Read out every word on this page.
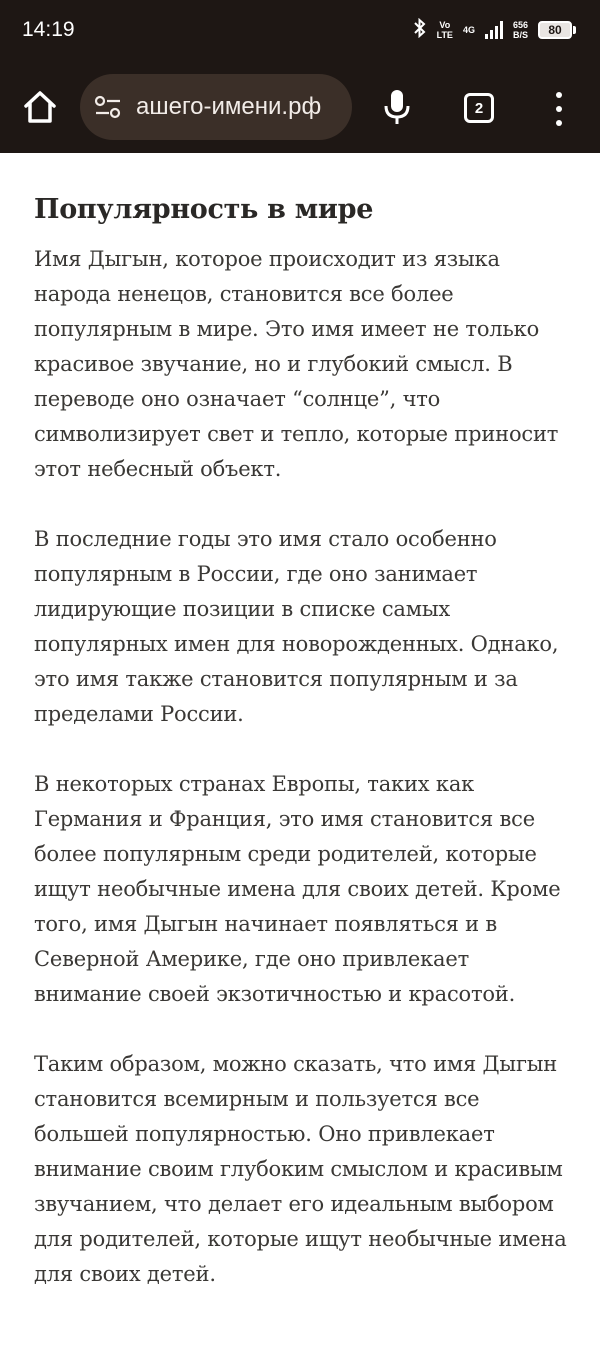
14:19	Vo
LTE 4G	656
B/S	80
ашего-имени.рф	2
Популярность в мире

Имя Дыгын, которое происходит из языка народа ненецов, становится все более популярным в мире. Это имя имеет не только красивое звучание, но и глубокий смысл. В переводе оно означает “солнце”, что символизирует свет и тепло, которые приносит этот небесный объект.

В последние годы это имя стало особенно популярным в России, где оно занимает лидирующие позиции в списке самых популярных имен для новорожденных. Однако, это имя также становится популярным и за пределами России.

В некоторых странах Европы, таких как Германия и Франция, это имя становится все более популярным среди родителей, которые ищут необычные имена для своих детей. Кроме того, имя Дыгын начинает появляться и в Северной Америке, где оно привлекает внимание своей экзотичностью и красотой.

Таким образом, можно сказать, что имя Дыгын становится всемирным и пользуется все большей популярностью. Оно привлекает внимание своим глубоким смыслом и красивым звучанием, что делает его идеальным выбором для родителей, которые ищут необычные имена для своих детей.
